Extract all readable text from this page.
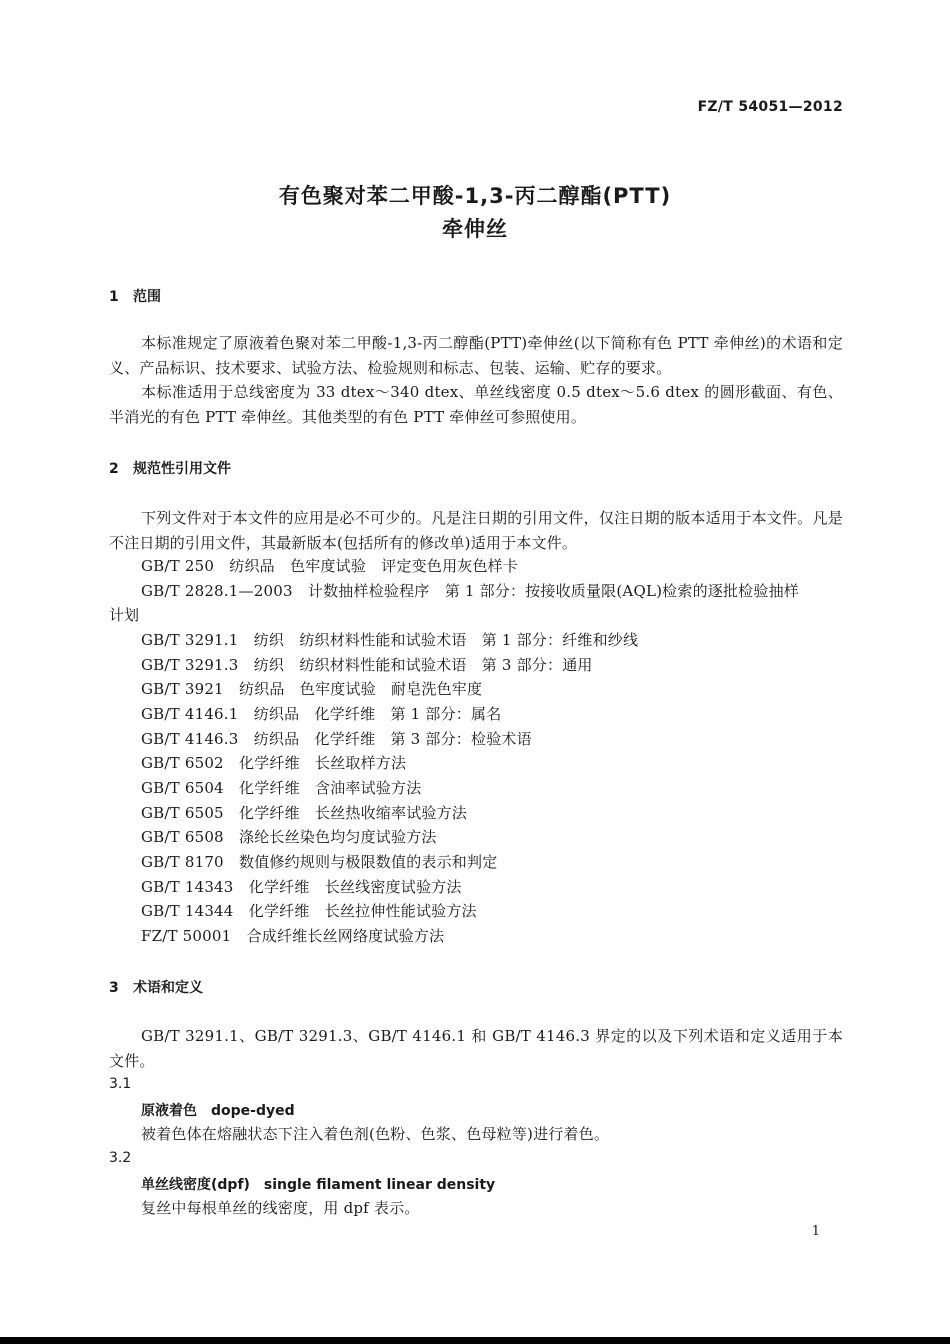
FZ/T 54051—2012
有色聚对苯二甲酸-1,3-丙二醇酯(PTT)
牵伸丝
1 范围
本标准规定了原液着色聚对苯二甲酸-1,3-丙二醇酯(PTT)牵伸丝(以下简称有色 PTT 牵伸丝)的术语和定义、产品标识、技术要求、试验方法、检验规则和标志、包装、运输、贮存的要求。
本标准适用于总线密度为 33 dtex～340 dtex、单丝线密度 0.5 dtex～5.6 dtex 的圆形截面、有色、半消光的有色 PTT 牵伸丝。其他类型的有色 PTT 牵伸丝可参照使用。
2 规范性引用文件
下列文件对于本文件的应用是必不可少的。凡是注日期的引用文件，仅注日期的版本适用于本文件。凡是不注日期的引用文件，其最新版本(包括所有的修改单)适用于本文件。
GB/T 250　纺织品　色牢度试验　评定变色用灰色样卡
GB/T 2828.1—2003　计数抽样检验程序　第 1 部分：按接收质量限(AQL)检索的逐批检验抽样
计划
GB/T 3291.1　纺织　纺织材料性能和试验术语　第 1 部分：纤维和纱线
GB/T 3291.3　纺织　纺织材料性能和试验术语　第 3 部分：通用
GB/T 3921　纺织品　色牢度试验　耐皂洗色牢度
GB/T 4146.1　纺织品　化学纤维　第 1 部分：属名
GB/T 4146.3　纺织品　化学纤维　第 3 部分：检验术语
GB/T 6502　化学纤维　长丝取样方法
GB/T 6504　化学纤维　含油率试验方法
GB/T 6505　化学纤维　长丝热收缩率试验方法
GB/T 6508　涤纶长丝染色均匀度试验方法
GB/T 8170　数值修约规则与极限数值的表示和判定
GB/T 14343　化学纤维　长丝线密度试验方法
GB/T 14344　化学纤维　长丝拉伸性能试验方法
FZ/T 50001　合成纤维长丝网络度试验方法
3 术语和定义
GB/T 3291.1、GB/T 3291.3、GB/T 4146.1 和 GB/T 4146.3 界定的以及下列术语和定义适用于本文件。
3.1
原液着色　dope-dyed
被着色体在熔融状态下注入着色剂(色粉、色浆、色母粒等)进行着色。
3.2
单丝线密度(dpf)　single filament linear density
复丝中每根单丝的线密度，用 dpf 表示。
1
